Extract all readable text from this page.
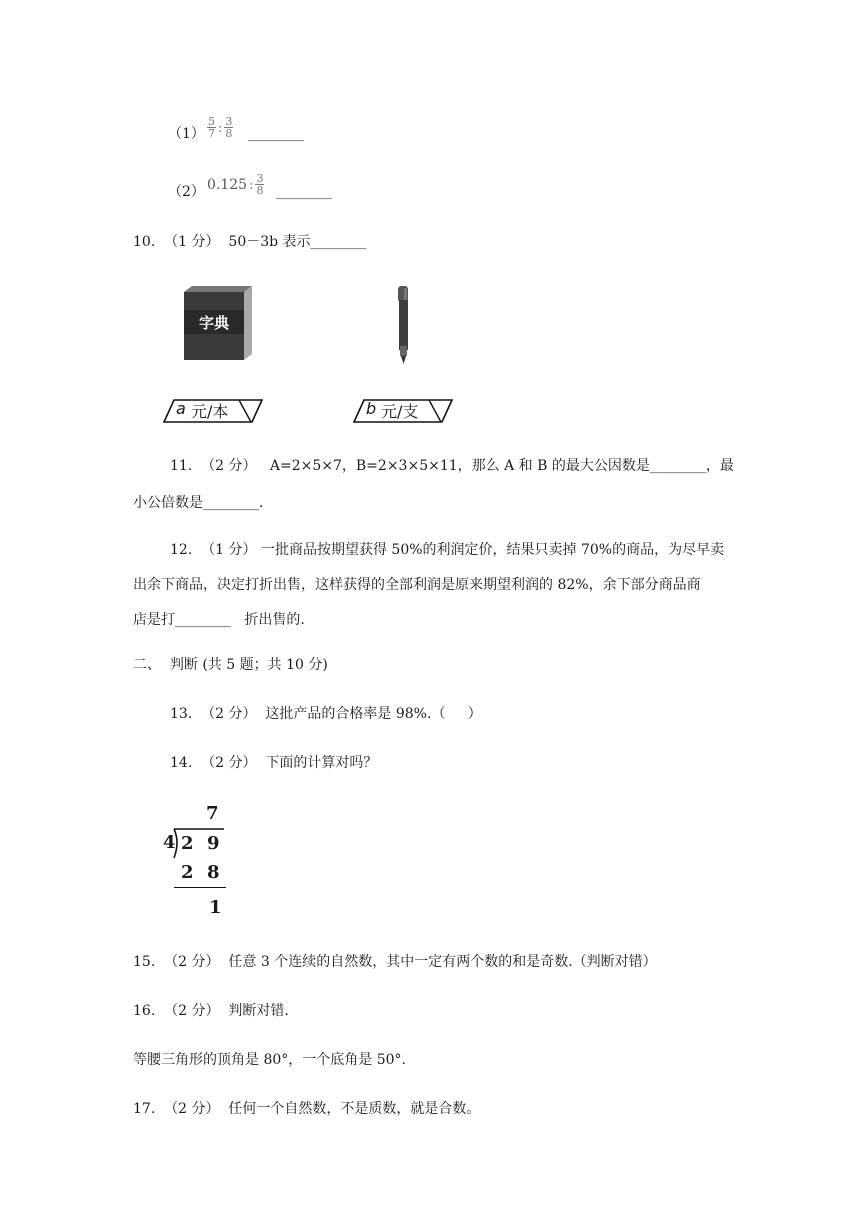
$(1) \frac{5}{7}$ : $\frac{3}{8}$ ________
（2） 0.125 : $\frac{3}{8}$ ________
10.  （1 分）  50－3b 表示________
字典
a 元/本	b 元/支
11.  （2 分）   A=2×5×7，B=2×3×5×11，那么 A 和 B 的最大公因数是________，最
小公倍数是________.
12.  （1 分） 一批商品按期望获得 50%的利润定价，结果只卖掉 70%的商品，为尽早卖
出余下商品，决定打折出售，这样获得的全部利润是原来期望利润的 82%，余下部分商品商
店是打________   折出售的.
二、  判断 (共 5 题；共 10 分)
13.  （2 分）  这批产品的合格率是 98%.（     ）
14.  （2 分）  下面的计算对吗？
7
4 2 9
2 8
1
15.  （2 分）  任意 3 个连续的自然数，其中一定有两个数的和是奇数.（判断对错）
16.  （2 分）  判断对错.
等腰三角形的顶角是 80°，一个底角是 50°.
17.  （2 分）  任何一个自然数，不是质数，就是合数。
